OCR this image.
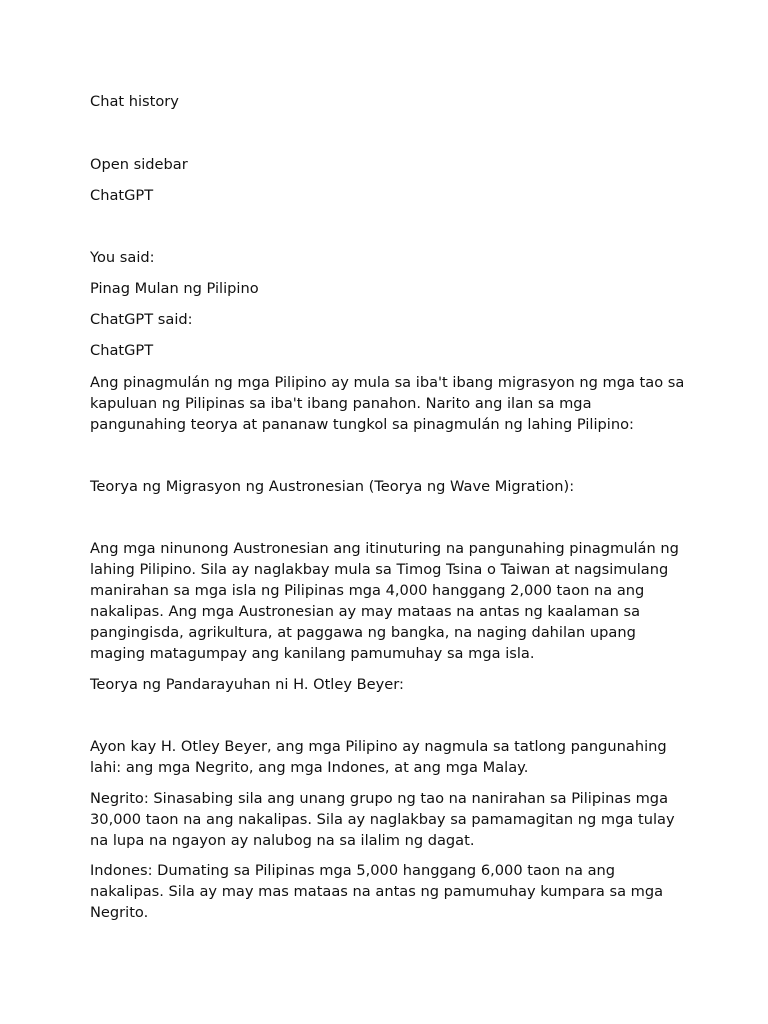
Chat history

Open sidebar

ChatGPT

You said:

Pinag Mulan ng Pilipino

ChatGPT said:

ChatGPT

Ang pinagmulán ng mga Pilipino ay mula sa iba't ibang migrasyon ng mga tao sa kapuluan ng Pilipinas sa iba't ibang panahon. Narito ang ilan sa mga pangunahing teorya at pananaw tungkol sa pinagmulán ng lahing Pilipino:

Teorya ng Migrasyon ng Austronesian (Teorya ng Wave Migration):

Ang mga ninunong Austronesian ang itinuturing na pangunahing pinagmulán ng lahing Pilipino. Sila ay naglakbay mula sa Timog Tsina o Taiwan at nagsimulang manirahan sa mga isla ng Pilipinas mga 4,000 hanggang 2,000 taon na ang nakalipas. Ang mga Austronesian ay may mataas na antas ng kaalaman sa pangingisda, agrikultura, at paggawa ng bangka, na naging dahilan upang maging matagumpay ang kanilang pamumuhay sa mga isla.

Teorya ng Pandarayuhan ni H. Otley Beyer:

Ayon kay H. Otley Beyer, ang mga Pilipino ay nagmula sa tatlong pangunahing lahi: ang mga Negrito, ang mga Indones, at ang mga Malay.

Negrito: Sinasabing sila ang unang grupo ng tao na nanirahan sa Pilipinas mga 30,000 taon na ang nakalipas. Sila ay naglakbay sa pamamagitan ng mga tulay na lupa na ngayon ay nalubog na sa ilalim ng dagat.

Indones: Dumating sa Pilipinas mga 5,000 hanggang 6,000 taon na ang nakalipas. Sila ay may mas mataas na antas ng pamumuhay kumpara sa mga Negrito.
